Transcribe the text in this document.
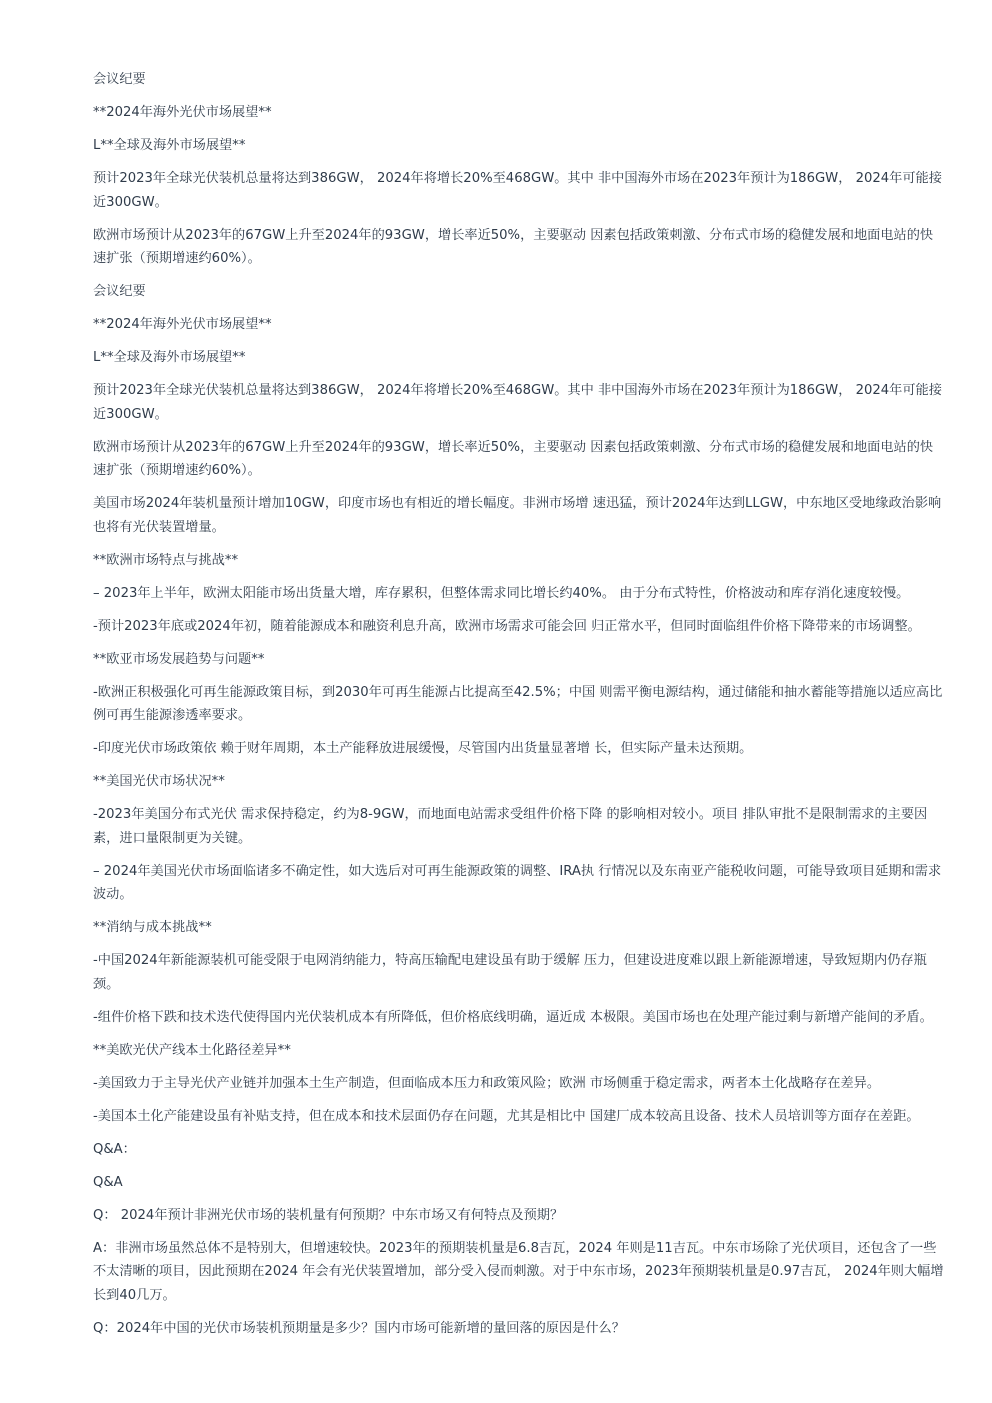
会议纪要

**2024年海外光伏市场展望**

L**全球及海外市场展望**

预计2023年全球光伏装机总量将达到386GW， 2024年将增长20%至468GW。其中 非中国海外市场在2023年预计为186GW， 2024年可能接近300GW。

欧洲市场预计从2023年的67GW上升至2024年的93GW，增长率近50%，主要驱动 因素包括政策刺激、分布式市场的稳健发展和地面电站的快速扩张（预期增速约60%）。

会议纪要

**2024年海外光伏市场展望**

L**全球及海外市场展望**

预计2023年全球光伏装机总量将达到386GW， 2024年将增长20%至468GW。其中 非中国海外市场在2023年预计为186GW， 2024年可能接近300GW。

欧洲市场预计从2023年的67GW上升至2024年的93GW，增长率近50%，主要驱动 因素包括政策刺激、分布式市场的稳健发展和地面电站的快速扩张（预期增速约60%）。

美国市场2024年装机量预计增加10GW，印度市场也有相近的增长幅度。非洲市场增 速迅猛，预计2024年达到LLGW，中东地区受地缘政治影响也将有光伏装置增量。

**欧洲市场特点与挑战**

– 2023年上半年，欧洲太阳能市场出货量大增，库存累积，但整体需求同比增长约40%。 由于分布式特性，价格波动和库存消化速度较慢。

-预计2023年底或2024年初，随着能源成本和融资利息升高，欧洲市场需求可能会回 归正常水平，但同时面临组件价格下降带来的市场调整。

**欧亚市场发展趋势与问题**

-欧洲正积极强化可再生能源政策目标，到2030年可再生能源占比提高至42.5%；中国 则需平衡电源结构，通过储能和抽水蓄能等措施以适应高比例可再生能源渗透率要求。

-印度光伏市场政策依 赖于财年周期，本土产能释放进展缓慢，尽管国内出货量显著增 长，但实际产量未达预期。

**美国光伏市场状况**

-2023年美国分布式光伏 需求保持稳定，约为8-9GW，而地面电站需求受组件价格下降 的影响相对较小。项目 排队审批不是限制需求的主要因素，进口量限制更为关键。

– 2024年美国光伏市场面临诸多不确定性，如大选后对可再生能源政策的调整、IRA执 行情况以及东南亚产能税收问题，可能导致项目延期和需求波动。

**消纳与成本挑战**

-中国2024年新能源装机可能受限于电网消纳能力，特高压输配电建设虽有助于缓解 压力，但建设进度难以跟上新能源增速，导致短期内仍存瓶颈。

-组件价格下跌和技术迭代使得国内光伏装机成本有所降低，但价格底线明确，逼近成 本极限。美国市场也在处理产能过剩与新增产能间的矛盾。

**美欧光伏产线本土化路径差异**

-美国致力于主导光伏产业链并加强本土生产制造，但面临成本压力和政策风险；欧洲 市场侧重于稳定需求，两者本土化战略存在差异。

-美国本土化产能建设虽有补贴支持，但在成本和技术层面仍存在问题，尤其是相比中 国建厂成本较高且设备、技术人员培训等方面存在差距。

Q&A：

Q&A

Q： 2024年预计非洲光伏市场的装机量有何预期？中东市场又有何特点及预期？

A：非洲市场虽然总体不是特别大，但增速较快。2023年的预期装机量是6.8吉瓦，2024 年则是11吉瓦。中东市场除了光伏项目，还包含了一些不太清晰的项目，因此预期在2024 年会有光伏装置增加，部分受入侵而刺激。对于中东市场，2023年预期装机量是0.97吉瓦， 2024年则大幅增长到40几万。

Q：2024年中国的光伏市场装机预期量是多少？国内市场可能新增的量回落的原因是什么？
